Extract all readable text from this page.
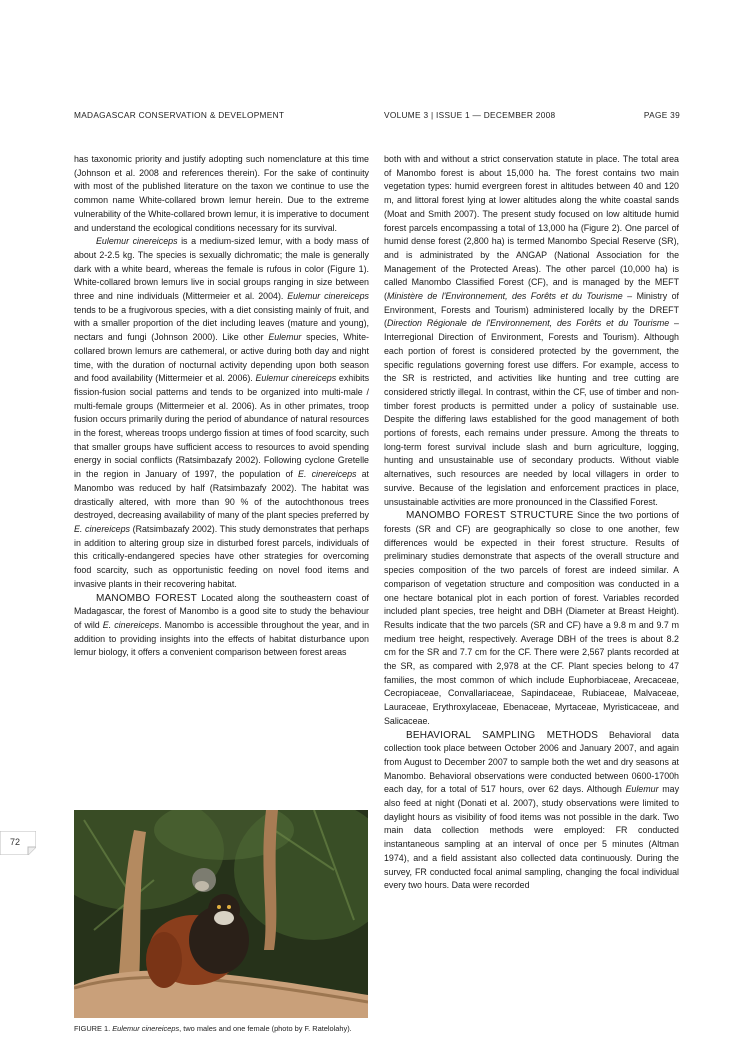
MADAGASCAR CONSERVATION & DEVELOPMENT	VOLUME 3 | ISSUE 1 — DECEMBER 2008	PAGE 39

has taxonomic priority and justify adopting such nomenclature at this time (Johnson et al. 2008 and references therein). For the sake of continuity with most of the published literature on the taxon we continue to use the common name White-collared brown lemur herein. Due to the extreme vulnerability of the White-collared brown lemur, it is imperative to document and understand the ecological conditions necessary for its survival.

Eulemur cinereiceps is a medium-sized lemur, with a body mass of about 2-2.5 kg. The species is sexually dichromatic; the male is generally dark with a white beard, whereas the female is rufous in color (Figure 1). White-collared brown lemurs live in social groups ranging in size between three and nine individuals (Mittermeier et al. 2004). Eulemur cinereiceps tends to be a frugivorous species, with a diet consisting mainly of fruit, and with a smaller proportion of the diet including leaves (mature and young), nectars and fungi (Johnson 2000). Like other Eulemur species, White-collared brown lemurs are cathemeral, or active during both day and night time, with the duration of nocturnal activity depending upon both season and food availability (Mittermeier et al. 2006). Eulemur cinereiceps exhibits fission-fusion social patterns and tends to be organized into multi-male / multi-female groups (Mittermeier et al. 2006). As in other primates, troop fusion occurs primarily during the period of abundance of natural resources in the forest, whereas troops undergo fission at times of food scarcity, such that smaller groups have sufficient access to resources to avoid spending energy in social conflicts (Ratsimbazafy 2002). Following cyclone Gretelle in the region in January of 1997, the population of E. cinereiceps at Manombo was reduced by half (Ratsimbazafy 2002). The habitat was drastically altered, with more than 90 % of the autochthonous trees destroyed, decreasing availability of many of the plant species preferred by E. cinereiceps (Ratsimbazafy 2002). This study demonstrates that perhaps in addition to altering group size in disturbed forest parcels, individuals of this critically-endangered species have other strategies for overcoming food scarcity, such as opportunistic feeding on novel food items and invasive plants in their recovering habitat.

MANOMBO FOREST Located along the southeastern coast of Madagascar, the forest of Manombo is a good site to study the behaviour of wild E. cinereiceps. Manombo is accessible throughout the year, and in addition to providing insights into the effects of habitat disturbance upon lemur biology, it offers a convenient comparison between forest areas

FIGURE 1. Eulemur cinereiceps, two males and one female (photo by F. Ratelolahy).

both with and without a strict conservation statute in place. The total area of Manombo forest is about 15,000 ha. The forest contains two main vegetation types: humid evergreen forest in altitudes between 40 and 120 m, and littoral forest lying at lower altitudes along the white coastal sands (Moat and Smith 2007). The present study focused on low altitude humid forest parcels encompassing a total of 13,000 ha (Figure 2). One parcel of humid dense forest (2,800 ha) is termed Manombo Special Reserve (SR), and is administrated by the ANGAP (National Association for the Management of the Protected Areas). The other parcel (10,000 ha) is called Manombo Classified Forest (CF), and is managed by the MEFT (Ministère de l'Environnement, des Forêts et du Tourisme – Ministry of Environment, Forests and Tourism) administered locally by the DREFT (Direction Régionale de l'Environnement, des Forêts et du Tourisme – Interregional Direction of Environment, Forests and Tourism). Although each portion of forest is considered protected by the government, the specific regulations governing forest use differs. For example, access to the SR is restricted, and activities like hunting and tree cutting are considered strictly illegal. In contrast, within the CF, use of timber and non-timber forest products is permitted under a policy of sustainable use. Despite the differing laws established for the good management of both portions of forests, each remains under pressure. Among the threats to long-term forest survival include slash and burn agriculture, logging, hunting and unsustainable use of secondary products. Without viable alternatives, such resources are needed by local villagers in order to survive. Because of the legislation and enforcement practices in place, unsustainable activities are more pronounced in the Classified Forest.

MANOMBO FOREST STRUCTURE Since the two portions of forests (SR and CF) are geographically so close to one another, few differences would be expected in their forest structure. Results of preliminary studies demonstrate that aspects of the overall structure and species composition of the two parcels of forest are indeed similar. A comparison of vegetation structure and composition was conducted in a one hectare botanical plot in each portion of forest. Variables recorded included plant species, tree height and DBH (Diameter at Breast Height). Results indicate that the two parcels (SR and CF) have a 9.8 m and 9.7 m medium tree height, respectively. Average DBH of the trees is about 8.2 cm for the SR and 7.7 cm for the CF. There were 2,567 plants recorded at the SR, as compared with 2,978 at the CF. Plant species belong to 47 families, the most common of which include Euphorbiaceae, Arecaceae, Cecropiaceae, Convallariaceae, Sapindaceae, Rubiaceae, Malvaceae, Lauraceae, Erythroxylaceae, Ebenaceae, Myrtaceae, Myristicaceae, and Salicaceae.

BEHAVIORAL SAMPLING METHODS Behavioral data collection took place between October 2006 and January 2007, and again from August to December 2007 to sample both the wet and dry seasons at Manombo. Behavioral observations were conducted between 0600-1700h each day, for a total of 517 hours, over 62 days. Although Eulemur may also feed at night (Donati et al. 2007), study observations were limited to daylight hours as visibility of food items was not possible in the dark. Two main data collection methods were employed: FR conducted instantaneous sampling at an interval of once per 5 minutes (Altman 1974), and a field assistant also collected data continuously. During the survey, FR conducted focal animal sampling, changing the focal individual every two hours. Data were recorded

72
